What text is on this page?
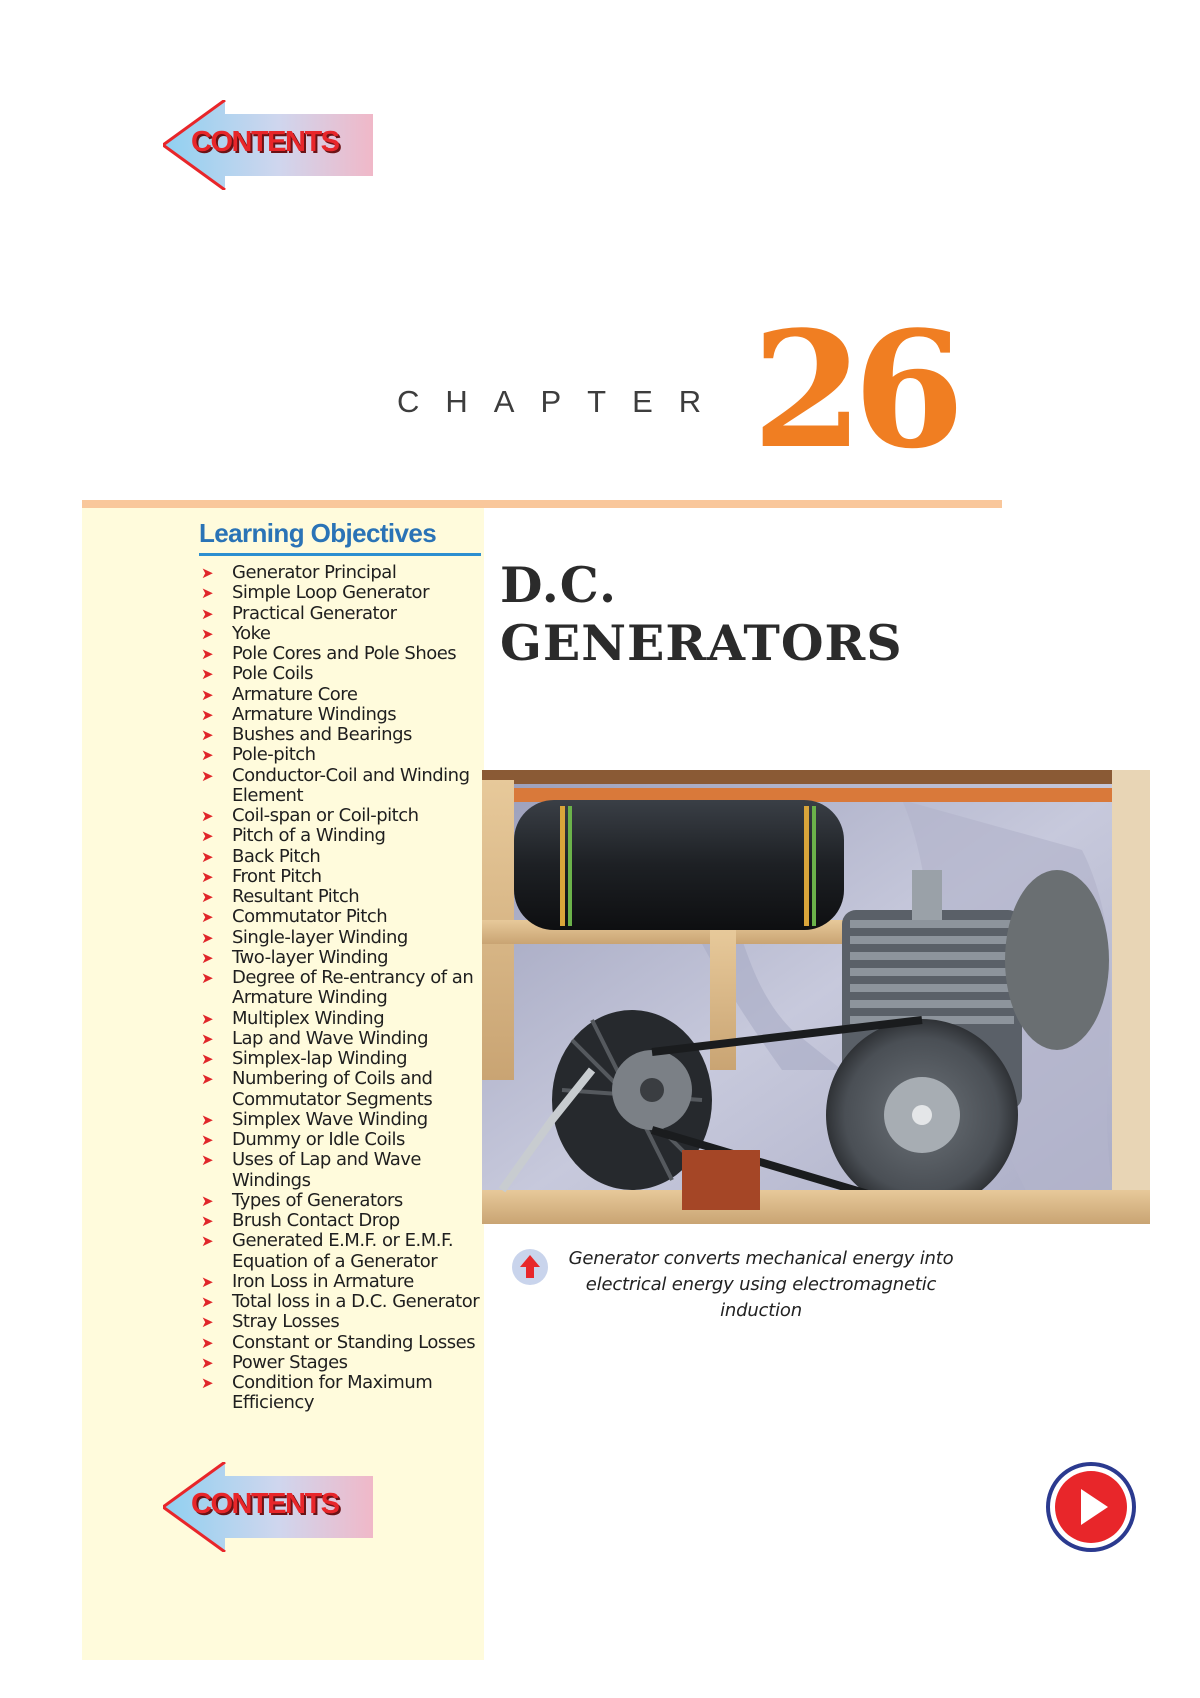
CONTENTS
CHAPTER 26
Learning Objectives
➤ Generator Principal
➤ Simple Loop Generator
➤ Practical Generator
➤ Yoke
➤ Pole Cores and Pole Shoes
➤ Pole Coils
➤ Armature Core
➤ Armature Windings
➤ Bushes and Bearings
➤ Pole-pitch
➤ Conductor-Coil and Winding Element
➤ Coil-span or Coil-pitch
➤ Pitch of a Winding
➤ Back Pitch
➤ Front Pitch
➤ Resultant Pitch
➤ Commutator Pitch
➤ Single-layer Winding
➤ Two-layer Winding
➤ Degree of Re-entrancy of an Armature Winding
➤ Multiplex Winding
➤ Lap and Wave Winding
➤ Simplex-lap Winding
➤ Numbering of Coils and Commutator Segments
➤ Simplex Wave Winding
➤ Dummy or Idle Coils
➤ Uses of Lap and Wave Windings
➤ Types of Generators
➤ Brush Contact Drop
➤ Generated E.M.F. or E.M.F. Equation of a Generator
➤ Iron Loss in Armature
➤ Total loss in a D.C. Generator
➤ Stray Losses
➤ Constant or Standing Losses
➤ Power Stages
➤ Condition for Maximum Efficiency
D.C.
GENERATORS
Generator converts mechanical energy into electrical energy using electromagnetic induction
CONTENTS
